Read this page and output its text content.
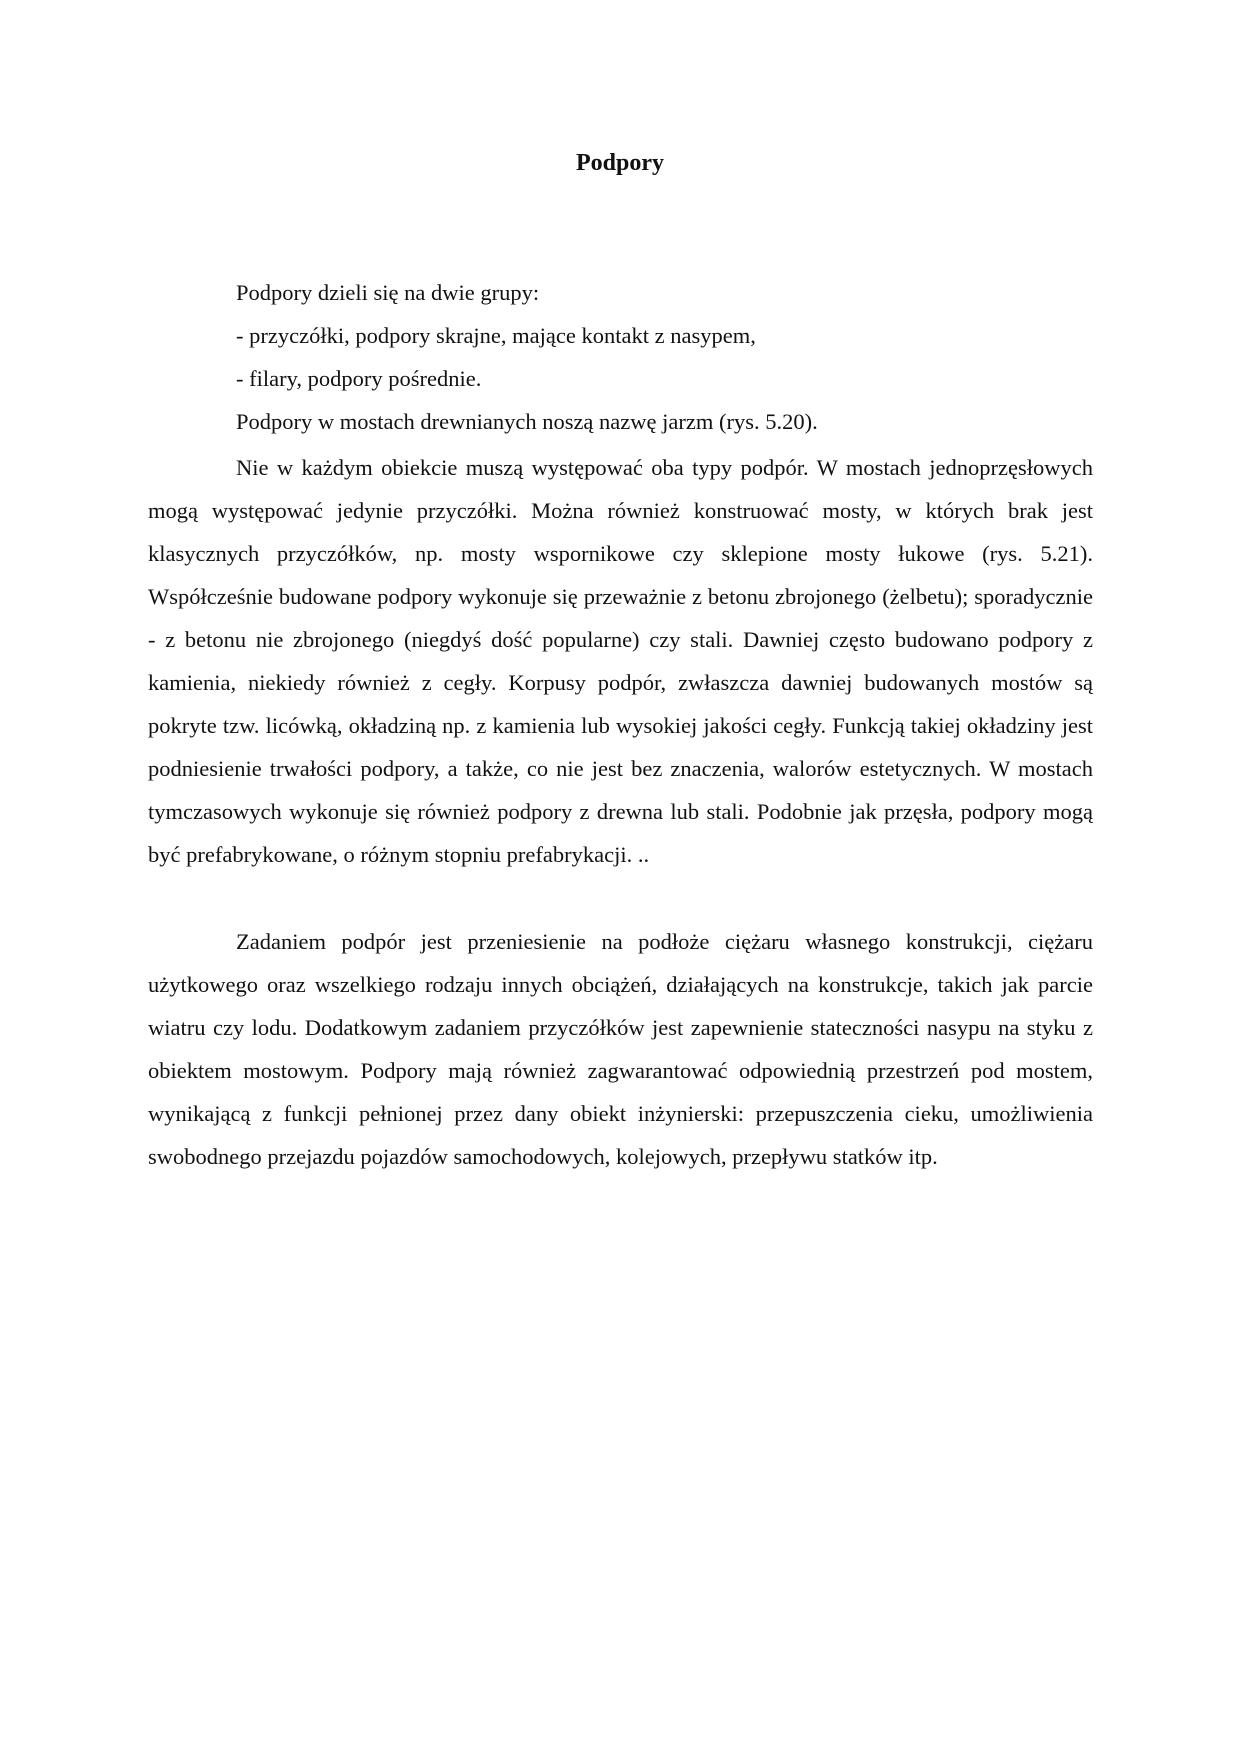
Podpory

Podpory dzieli się na dwie grupy:

- przyczółki, podpory skrajne, mające kontakt z nasypem,

- filary, podpory pośrednie.

Podpory w mostach drewnianych noszą nazwę jarzm (rys. 5.20).

Nie w każdym obiekcie muszą występować oba typy podpór. W mostach jednoprzęsłowych mogą występować jedynie przyczółki. Można również konstruować mosty, w których brak jest klasycznych przyczółków, np. mosty wspornikowe czy sklepione mosty łukowe (rys. 5.21). Współcześnie budowane podpory wykonuje się przeważnie z betonu zbrojonego (żelbetu); sporadycznie - z betonu nie zbrojonego (niegdyś dość popularne) czy stali. Dawniej często budowano podpory z kamienia, niekiedy również z cegły. Korpusy podpór, zwłaszcza dawniej budowanych mostów są pokryte tzw. licówką, okładziną np. z kamienia lub wysokiej jakości cegły. Funkcją takiej okładziny jest podniesienie trwałości podpory, a także, co nie jest bez znaczenia, walorów estetycznych. W mostach tymczasowych wykonuje się również podpory z drewna lub stali. Podobnie jak przęsła, podpory mogą być prefabrykowane, o różnym stopniu prefabrykacji. ..

Zadaniem podpór jest przeniesienie na podłoże ciężaru własnego konstrukcji, ciężaru użytkowego oraz wszelkiego rodzaju innych obciążeń, działających na konstrukcje, takich jak parcie wiatru czy lodu. Dodatkowym zadaniem przyczółków jest zapewnienie stateczności nasypu na styku z obiektem mostowym. Podpory mają również zagwarantować odpowiednią przestrzeń pod mostem, wynikającą z funkcji pełnionej przez dany obiekt inżynierski: przepuszczenia cieku, umożliwienia swobodnego przejazdu pojazdów samochodowych, kolejowych, przepływu statków itp.
